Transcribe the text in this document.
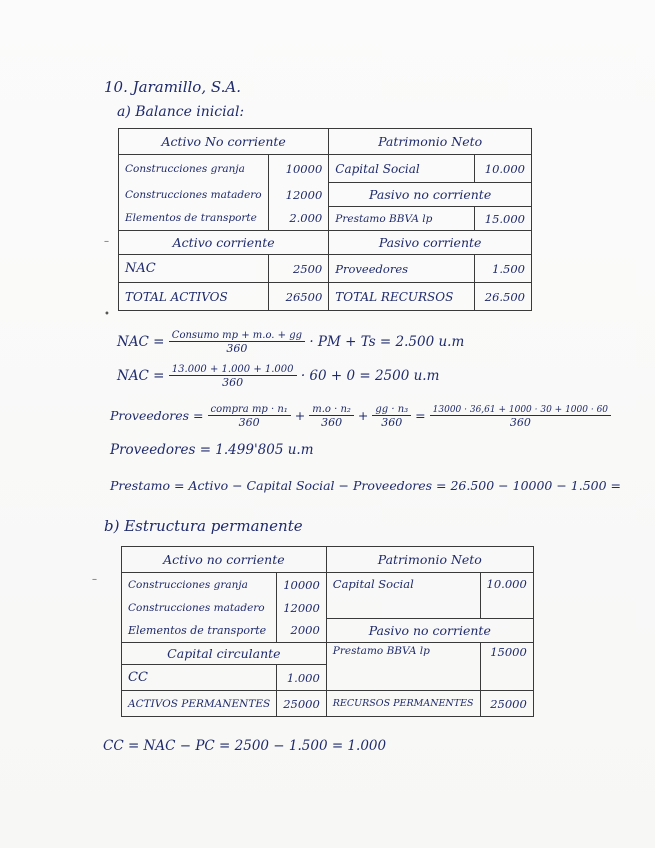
–
•
–
10. Jaramillo, S.A.
a) Balance inicial:
Activo No corriente		Patrimonio Neto	
Construcciones granja	10000	Capital Social	10.000
Construcciones matadero	12000	Pasivo no corriente	
Elementos de transporte	2.000	Prestamo BBVA lp	15.000
Activo corriente		Pasivo corriente	
NAC	2500	Proveedores	1.500
TOTAL ACTIVOS	26500	TOTAL RECURSOS	26.500
NAC = $\frac{\text{Consumo mp + m.o. + gg}}{360}$ · PM + Ts = 2.500 u.m
NAC = $\frac{13.000 + 1.000 + 1.000}{360} \cdot 60 + 0 = 2500$ u.m
Proveedores = $\frac{\text{compra mp · n₁}}{360} + \frac{\text{m.o · n₂}}{360} + \frac{\text{gg · n₃}}{360} = \frac{13000 \cdot 36,61 + 1000 \cdot 30 + 1000 \cdot 60}{360}$
Proveedores = 1.499'805 u.m
Prestamo = Activo − Capital Social − Proveedores = 26.500 − 10000 − 1.500 =
b) Estructura permanente
Activo no corriente		Patrimonio Neto	
Construcciones granja	10000	Capital Social	10.000
Construcciones matadero	12000		
Elementos de transporte	2000	Pasivo no corriente	
Capital circulante		Prestamo BBVA lp	15000
CC	1.000		
ACTIVOS PERMANENTES	25000	RECURSOS PERMANENTES	25000
CC = NAC − PC = 2500 − 1.500 = 1.000
